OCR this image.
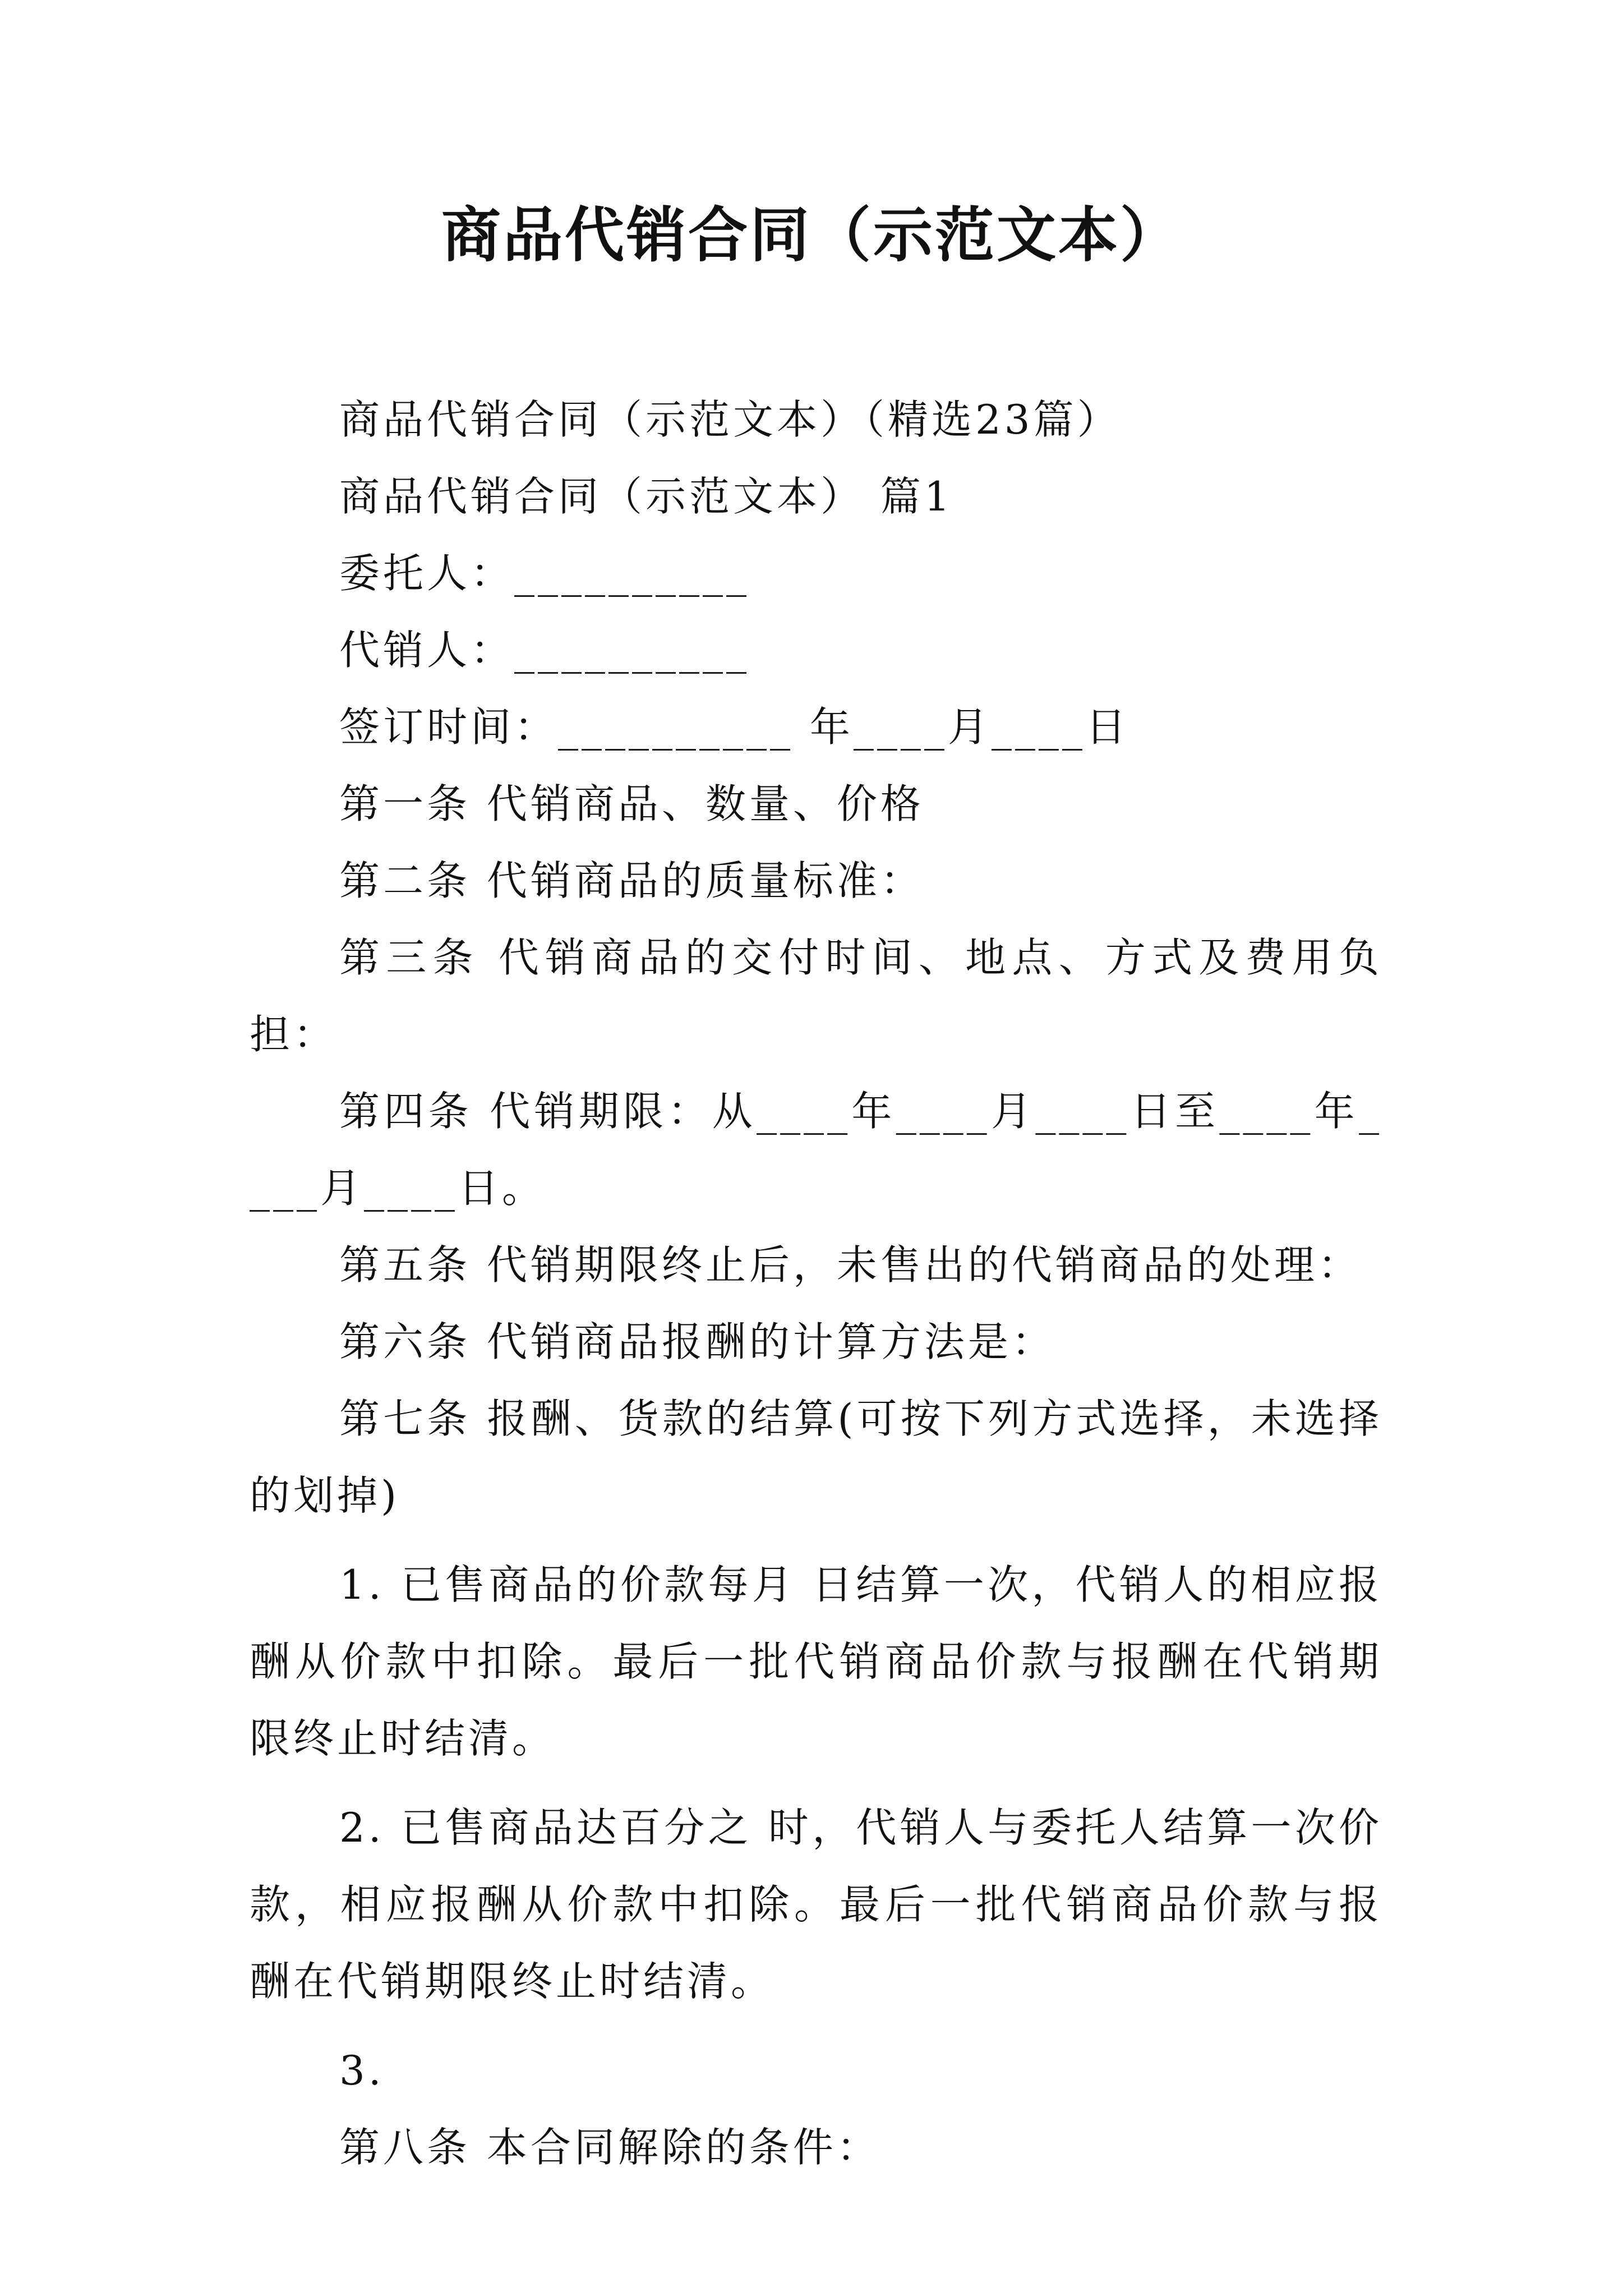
商品代销合同（示范文本）

商品代销合同（示范文本）（精选23篇）

商品代销合同（示范文本） 篇1

委托人：__________

代销人：__________

签订时间：__________ 年____月____日

第一条 代销商品、数量、价格

第二条 代销商品的质量标准：

第三条 代销商品的交付时间、地点、方式及费用负担：

第四条 代销期限：从____年____月____日至____年____月____日。

第五条 代销期限终止后，未售出的代销商品的处理：

第六条 代销商品报酬的计算方法是：

第七条 报酬、货款的结算(可按下列方式选择，未选择的划掉)

1. 已售商品的价款每月 日结算一次，代销人的相应报酬从价款中扣除。最后一批代销商品价款与报酬在代销期限终止时结清。

2. 已售商品达百分之 时，代销人与委托人结算一次价款，相应报酬从价款中扣除。最后一批代销商品价款与报酬在代销期限终止时结清。

3.

第八条 本合同解除的条件：
